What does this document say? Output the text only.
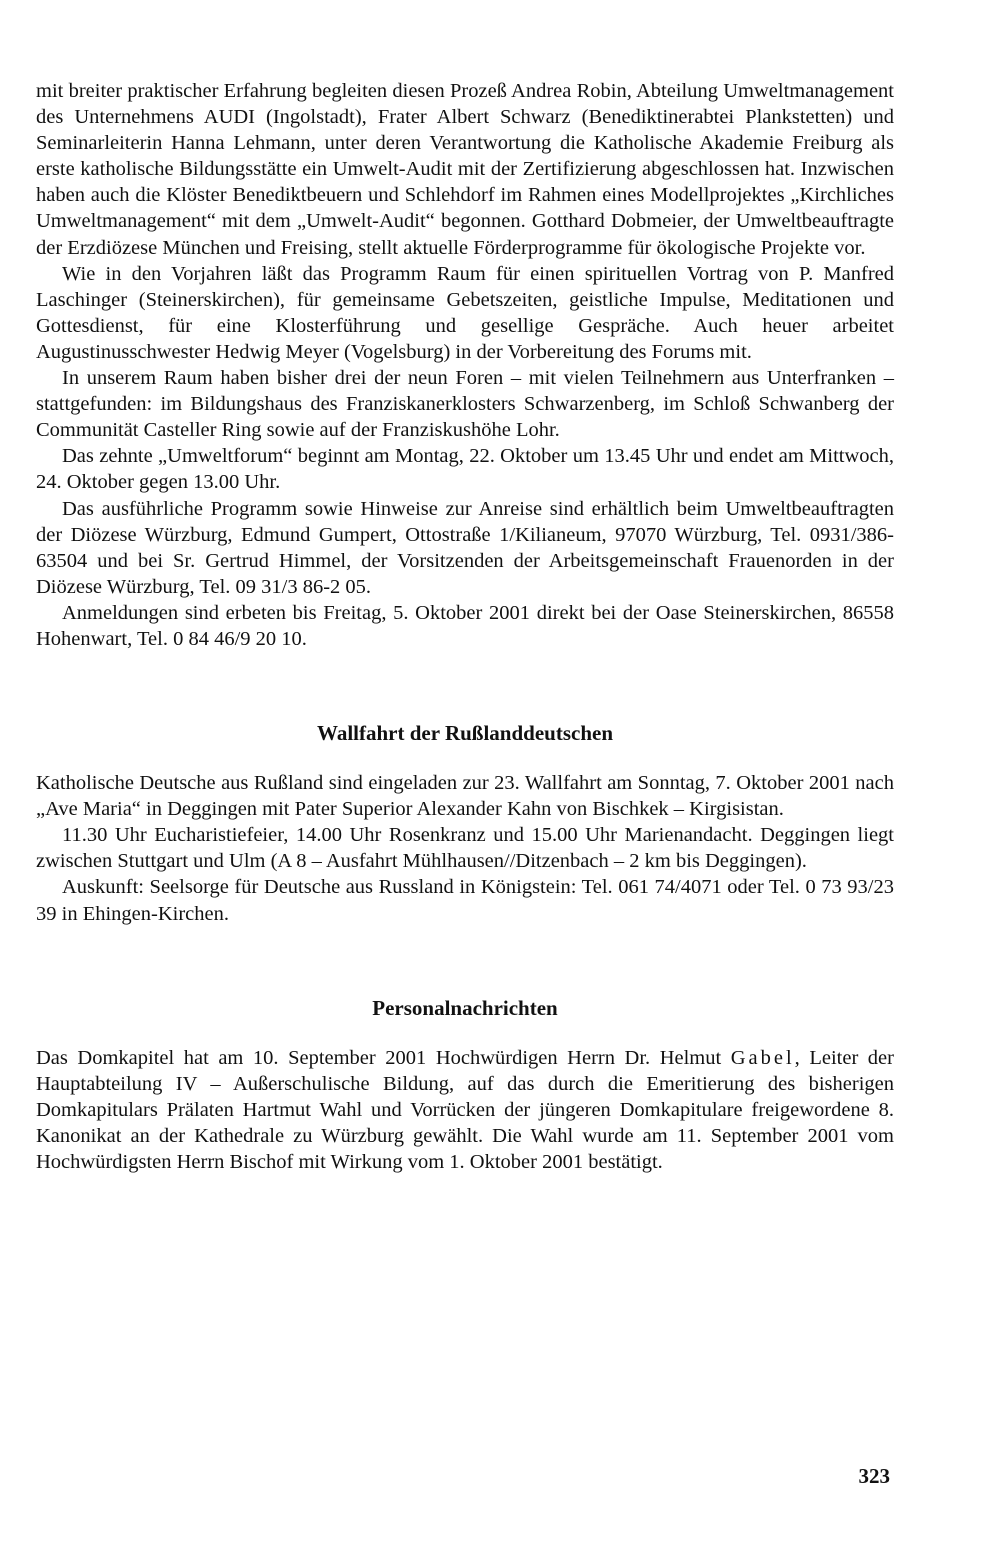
mit breiter praktischer Erfahrung begleiten diesen Prozeß Andrea Robin, Abteilung Umweltmanagement des Unternehmens AUDI (Ingolstadt), Frater Albert Schwarz (Benediktinerabtei Plankstetten) und Seminarleiterin Hanna Lehmann, unter deren Verantwortung die Katholische Akademie Freiburg als erste katholische Bildungsstätte ein Umwelt-Audit mit der Zertifizierung abgeschlossen hat. Inzwischen haben auch die Klöster Benediktbeuern und Schlehdorf im Rahmen eines Modellprojektes „Kirchliches Umweltmanagement“ mit dem „Umwelt-Audit“ begonnen. Gotthard Dobmeier, der Umweltbeauftragte der Erzdiözese München und Freising, stellt aktuelle Förderprogramme für ökologische Projekte vor.

Wie in den Vorjahren läßt das Programm Raum für einen spirituellen Vortrag von P. Manfred Laschinger (Steinerskirchen), für gemeinsame Gebetszeiten, geistliche Impulse, Meditationen und Gottesdienst, für eine Klosterführung und gesellige Gespräche. Auch heuer arbeitet Augustinusschwester Hedwig Meyer (Vogelsburg) in der Vorbereitung des Forums mit.

In unserem Raum haben bisher drei der neun Foren – mit vielen Teilnehmern aus Unterfranken – stattgefunden: im Bildungshaus des Franziskanerklosters Schwarzenberg, im Schloß Schwanberg der Communität Casteller Ring sowie auf der Franziskushöhe Lohr.

Das zehnte „Umweltforum“ beginnt am Montag, 22. Oktober um 13.45 Uhr und endet am Mittwoch, 24. Oktober gegen 13.00 Uhr.

Das ausführliche Programm sowie Hinweise zur Anreise sind erhältlich beim Umweltbeauftragten der Diözese Würzburg, Edmund Gumpert, Ottostraße 1/Kilianeum, 97070 Würzburg, Tel. 0931/386-63504 und bei Sr. Gertrud Himmel, der Vorsitzenden der Arbeitsgemeinschaft Frauenorden in der Diözese Würzburg, Tel. 09 31/3 86-2 05.

Anmeldungen sind erbeten bis Freitag, 5. Oktober 2001 direkt bei der Oase Steinerskirchen, 86558 Hohenwart, Tel. 0 84 46/9 20 10.

Wallfahrt der Rußlanddeutschen

Katholische Deutsche aus Rußland sind eingeladen zur 23. Wallfahrt am Sonntag, 7. Oktober 2001 nach „Ave Maria“ in Deggingen mit Pater Superior Alexander Kahn von Bischkek – Kirgisistan.

11.30 Uhr Eucharistiefeier, 14.00 Uhr Rosenkranz und 15.00 Uhr Marienandacht. Deggingen liegt zwischen Stuttgart und Ulm (A 8 – Ausfahrt Mühlhausen//Ditzenbach – 2 km bis Deggingen).

Auskunft: Seelsorge für Deutsche aus Russland in Königstein: Tel. 061 74/4071 oder Tel. 0 73 93/23 39 in Ehingen-Kirchen.

Personalnachrichten

Das Domkapitel hat am 10. September 2001 Hochwürdigen Herrn Dr. Helmut Gabel, Leiter der Hauptabteilung IV – Außerschulische Bildung, auf das durch die Emeritierung des bisherigen Domkapitulars Prälaten Hartmut Wahl und Vorrücken der jüngeren Domkapitulare freigewordene 8. Kanonikat an der Kathedrale zu Würzburg gewählt. Die Wahl wurde am 11. September 2001 vom Hochwürdigsten Herrn Bischof mit Wirkung vom 1. Oktober 2001 bestätigt.

323
